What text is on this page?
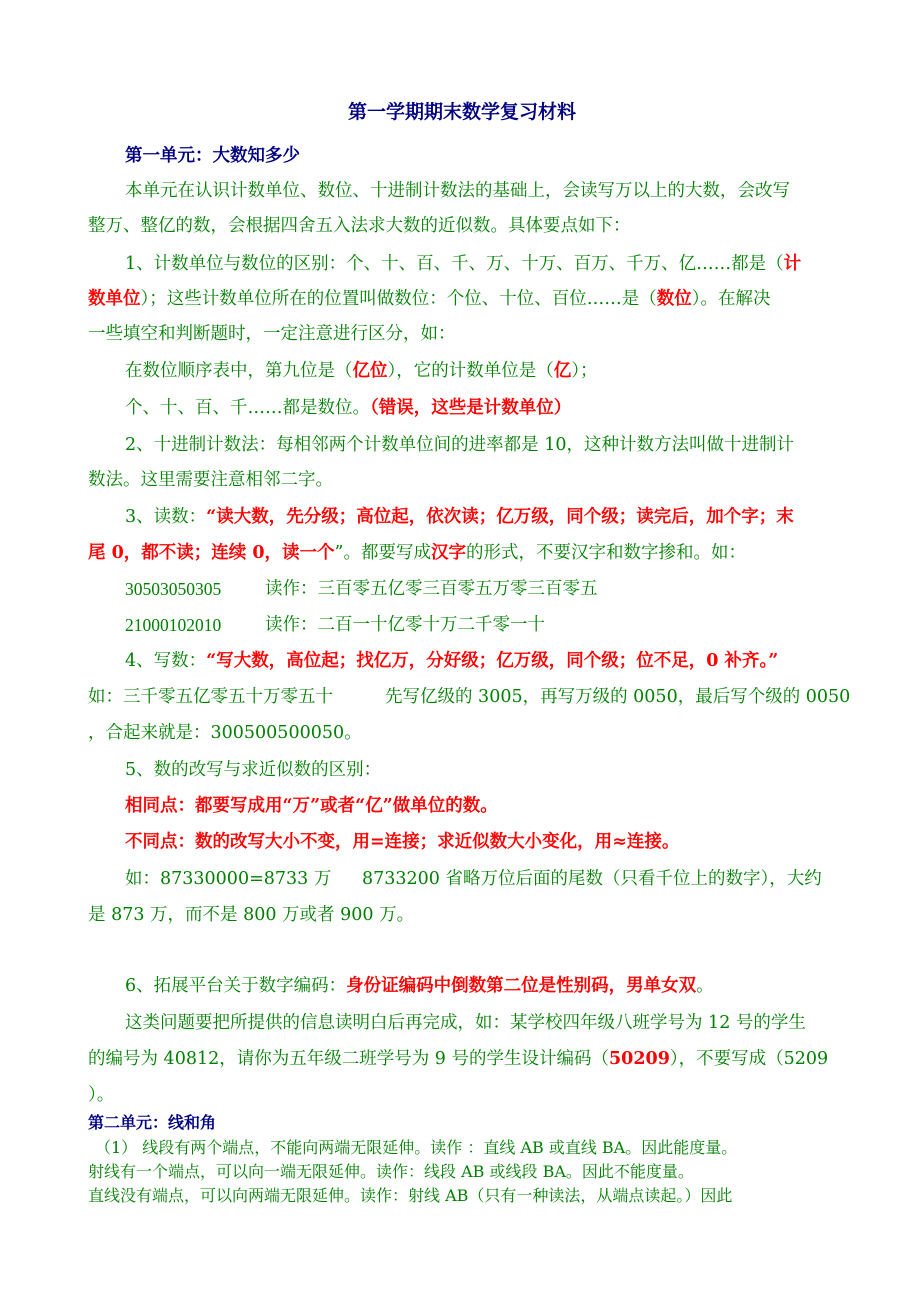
第一学期期末数学复习材料
第一单元：大数知多少
本单元在认识计数单位、数位、十进制计数法的基础上，会读写万以上的大数，会改写
整万、整亿的数，会根据四舍五入法求大数的近似数。具体要点如下：
1、计数单位与数位的区别：个、十、百、千、万、十万、百万、千万、亿……都是（计
数单位）；这些计数单位所在的位置叫做数位：个位、十位、百位……是（数位）。在解决
一些填空和判断题时，一定注意进行区分，如：
在数位顺序表中，第九位是（亿位），它的计数单位是（亿）；
个、十、百、千……都是数位。（错误，这些是计数单位）
2、十进制计数法：每相邻两个计数单位间的进率都是 10，这种计数方法叫做十进制计
数法。这里需要注意相邻二字。
3、读数：“读大数，先分级；高位起，依次读；亿万级，同个级；读完后，加个字；末
尾 0，都不读；连续 0，读一个”。都要写成汉字的形式，不要汉字和数字掺和。如：
30503050305	读作：三百零五亿零三百零五万零三百零五
21000102010	读作：二百一十亿零十万二千零一十
4、写数：“写大数，高位起；找亿万，分好级；亿万级，同个级；位不足，0 补齐。”
如：三千零五亿零五十万零五十	先写亿级的 3005，再写万级的 0050，最后写个级的 0050
，合起来就是：300500500050。
5、数的改写与求近似数的区别：
相同点：都要写成用“万”或者“亿”做单位的数。
不同点：数的改写大小不变，用=连接；求近似数大小变化，用≈连接。
如：87330000=8733 万 8733200 省略万位后面的尾数（只看千位上的数字），大约
是 873 万，而不是 800 万或者 900 万。
6、拓展平台关于数字编码：身份证编码中倒数第二位是性别码，男单女双。
这类问题要把所提供的信息读明白后再完成，如：某学校四年级八班学号为 12 号的学生
的编号为 40812，请你为五年级二班学号为 9 号的学生设计编码（50209），不要写成（5209
）。
第二单元：线和角
（1） 线段有两个端点，不能向两端无限延伸。读作 ：直线 AB 或直线 BA。因此能度量。
射线有一个端点，可以向一端无限延伸。读作：线段 AB 或线段 BA。因此不能度量。
直线没有端点，可以向两端无限延伸。读作：射线 AB（只有一种读法，从端点读起。）因此
